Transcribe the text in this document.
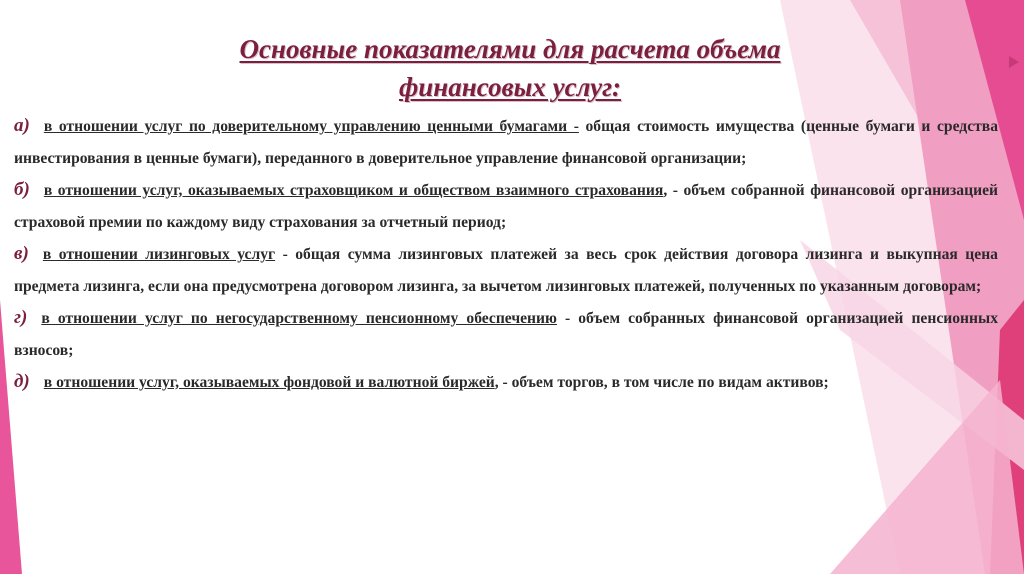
Основные показателями для расчета объема
финансовых услуг:

а) в отношении услуг по доверительному управлению ценными бумагами - общая стоимость имущества (ценные бумаги и средства инвестирования в ценные бумаги), переданного в доверительное управление финансовой организации;

б) в отношении услуг, оказываемых страховщиком и обществом взаимного страхования, - объем собранной финансовой организацией страховой премии по каждому виду страхования за отчетный период;

в) в отношении лизинговых услуг - общая сумма лизинговых платежей за весь срок действия договора лизинга и выкупная цена предмета лизинга, если она предусмотрена договором лизинга, за вычетом лизинговых платежей, полученных по указанным договорам;

г) в отношении услуг по негосударственному пенсионному обеспечению - объем собранных финансовой организацией пенсионных взносов;

д) в отношении услуг, оказываемых фондовой и валютной биржей, - объем торгов, в том числе по видам активов;
